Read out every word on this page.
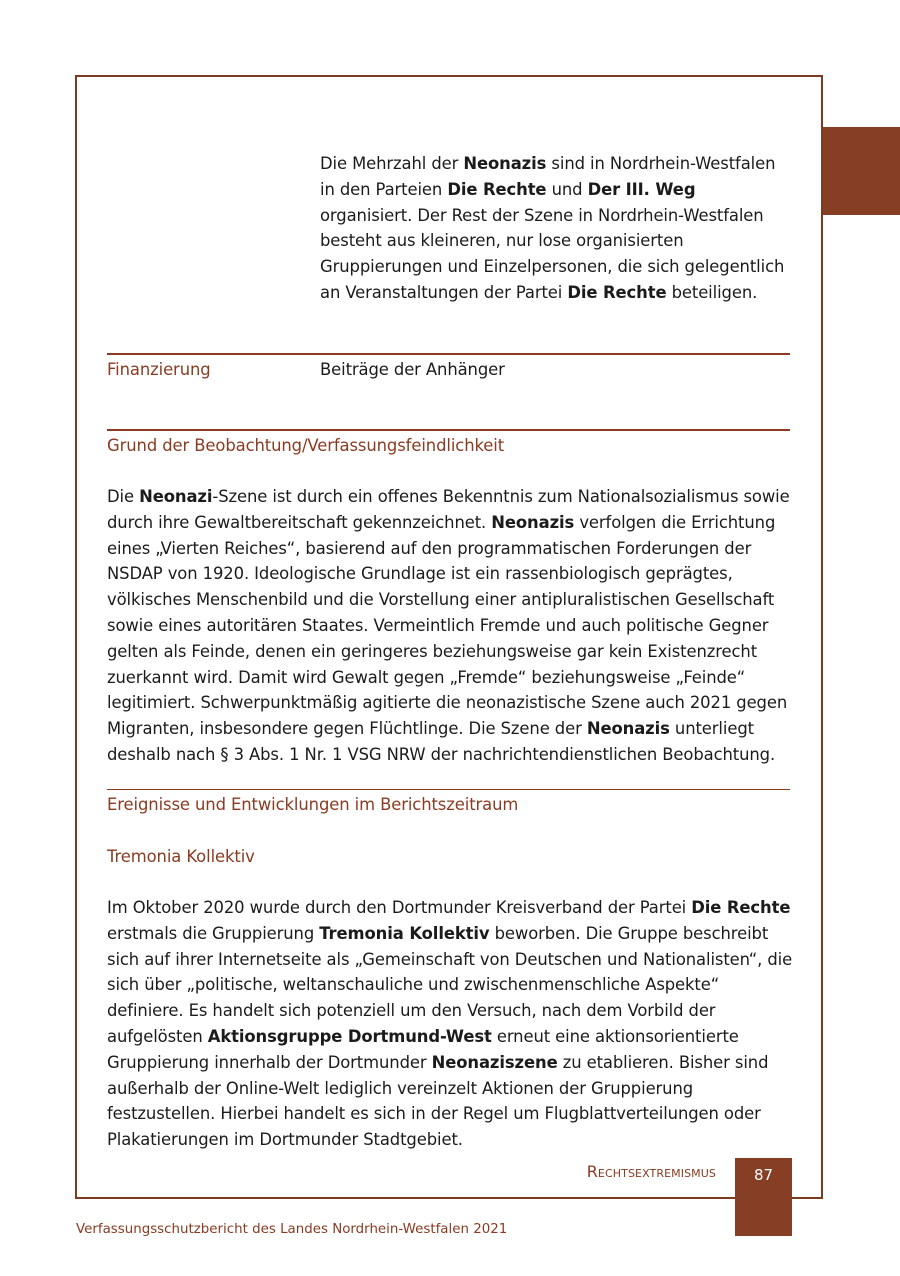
Die Mehrzahl der Neonazis sind in Nordrhein-Westfalen in den Parteien Die Rechte und Der III. Weg organisiert. Der Rest der Szene in Nordrhein-Westfalen besteht aus kleineren, nur lose organisierten Gruppierungen und Einzelpersonen, die sich gelegentlich an Veranstaltungen der Partei Die Rechte beteiligen.

Finanzierung	Beiträge der Anhänger
Grund der Beobachtung/Verfassungsfeindlichkeit

Die Neonazi-Szene ist durch ein offenes Bekenntnis zum Nationalsozialismus sowie durch ihre Gewaltbereitschaft gekennzeichnet. Neonazis verfolgen die Errichtung eines „Vierten Reiches“, basierend auf den programmatischen Forderungen der NSDAP von 1920. Ideologische Grundlage ist ein rassenbiologisch geprägtes, völkisches Menschenbild und die Vorstellung einer antipluralistischen Gesellschaft sowie eines autoritären Staates. Vermeintlich Fremde und auch politische Gegner gelten als Feinde, denen ein geringeres beziehungsweise gar kein Existenzrecht zuerkannt wird. Damit wird Gewalt gegen „Fremde“ beziehungsweise „Feinde“ legitimiert. Schwerpunktmäßig agitierte die neonazistische Szene auch 2021 gegen Migranten, insbesondere gegen Flüchtlinge. Die Szene der Neonazis unterliegt deshalb nach § 3 Abs. 1 Nr. 1 VSG NRW der nachrichtendienstlichen Beobachtung.

Ereignisse und Entwicklungen im Berichtszeitraum
Tremonia Kollektiv

Im Oktober 2020 wurde durch den Dortmunder Kreisverband der Partei Die Rechte erstmals die Gruppierung Tremonia Kollektiv beworben. Die Gruppe beschreibt sich auf ihrer Internetseite als „Gemeinschaft von Deutschen und Nationalisten“, die sich über „politische, weltanschauliche und zwischenmenschliche Aspekte“ definiere. Es handelt sich potenziell um den Versuch, nach dem Vorbild der aufgelösten Aktionsgruppe Dortmund-West erneut eine aktionsorientierte Gruppierung innerhalb der Dortmunder Neonaziszene zu etablieren. Bisher sind außerhalb der Online-Welt lediglich vereinzelt Aktionen der Gruppierung festzustellen. Hierbei handelt es sich in der Regel um Flugblattverteilungen oder Plakatierungen im Dortmunder Stadtgebiet.

Rechtsextremismus	87
Verfassungsschutzbericht des Landes Nordrhein-Westfalen 2021
